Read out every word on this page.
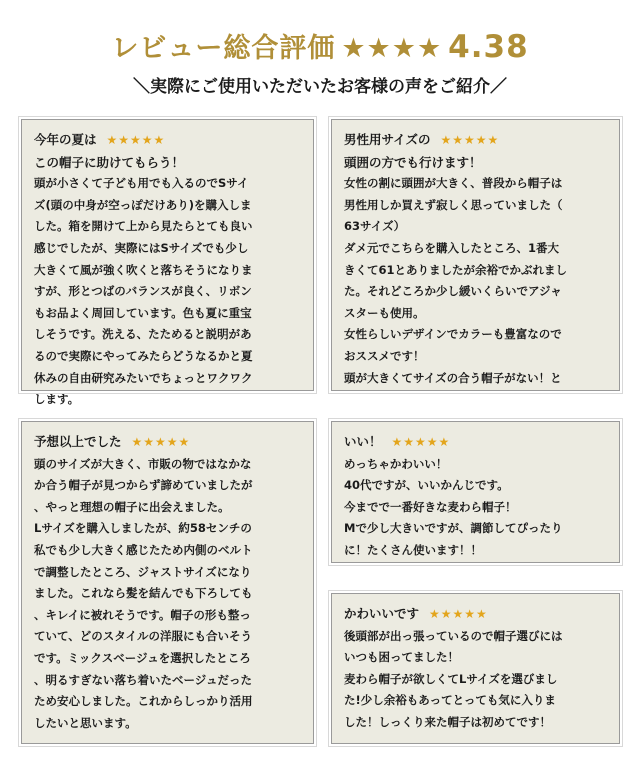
レビュー総合評価 ★★★★ 4.38
＼実際にご使用いただいたお客様の声をご紹介／
今年の夏は ★★★★★
この帽子に助けてもらう！
頭が小さくて子ども用でも入るのでSサイ
ズ(頭の中身が空っぽだけあり)を購入しま
した。箱を開けて上から見たらとても良い
感じでしたが、実際にはSサイズでも少し
大きくて風が強く吹くと落ちそうになりま
すが、形とつばのバランスが良く、リボン
もお品よく周回しています。色も夏に重宝
しそうです。洗える、たためると説明があ
るので実際にやってみたらどうなるかと夏
休みの自由研究みたいでちょっとワクワク
します。
男性用サイズの ★★★★★
頭囲の方でも行けます！
女性の割に頭囲が大きく、普段から帽子は
男性用しか買えず寂しく思っていました（
63サイズ）
ダメ元でこちらを購入したところ、1番大
きくて61とありましたが余裕でかぶれまし
た。それどころか少し緩いくらいでアジャ
スターも使用。
女性らしいデザインでカラーも豊富なので
おススメです！
頭が大きくてサイズの合う帽子がない！と
予想以上でした ★★★★★
頭のサイズが大きく、市販の物ではなかな
か合う帽子が見つからず諦めていましたが
、やっと理想の帽子に出会えました。
Lサイズを購入しましたが、約58センチの
私でも少し大きく感じたため内側のベルト
で調整したところ、ジャストサイズになり
ました。これなら髪を結んでも下ろしても
、キレイに被れそうです。帽子の形も整っ
ていて、どのスタイルの洋服にも合いそう
です。ミックスベージュを選択したところ
、明るすぎない落ち着いたベージュだった
ため安心しました。これからしっかり活用
したいと思います。
いい！ ★★★★★
めっちゃかわいい！
40代ですが、いいかんじです。
今までで一番好きな麦わら帽子！
Mで少し大きいですが、調節してぴったり
に！たくさん使います！！
かわいいです ★★★★★
後頭部が出っ張っているので帽子選びには
いつも困ってました！
麦わら帽子が欲しくてLサイズを選びまし
た!少し余裕もあってとっても気に入りま
した！しっくり来た帽子は初めてです！
